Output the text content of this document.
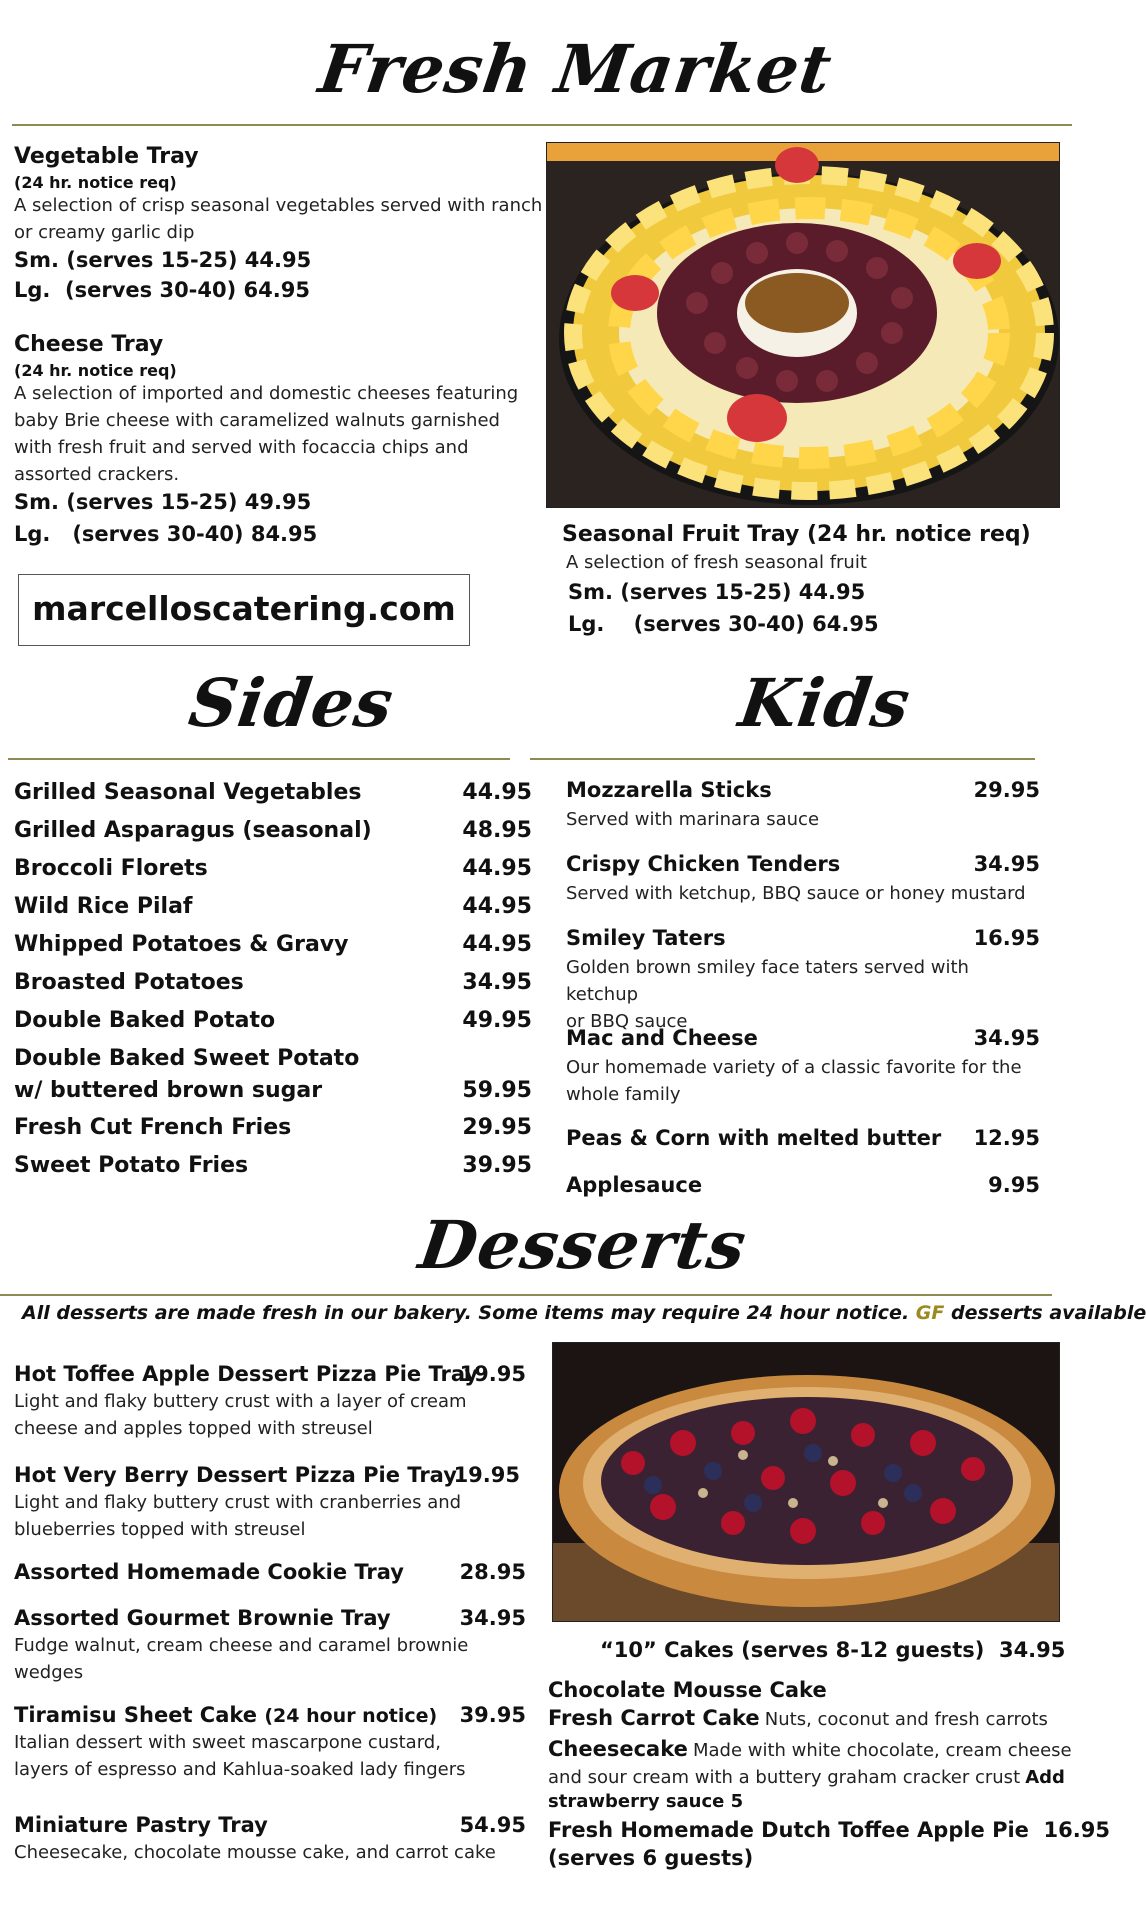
Fresh Market
Vegetable Tray
(24 hr. notice req)
A selection of crisp seasonal vegetables served with ranch
or creamy garlic dip
Sm. (serves 15-25) 44.95
Lg.  (serves 30-40) 64.95
Cheese Tray
(24 hr. notice req)
A selection of imported and domestic cheeses featuring
baby Brie cheese with caramelized walnuts garnished
with fresh fruit and served with focaccia chips and
assorted crackers.
Sm. (serves 15-25) 49.95
Lg.   (serves 30-40) 84.95
marcelloscatering.com
Seasonal Fruit Tray (24 hr. notice req)
A selection of fresh seasonal fruit
Sm. (serves 15-25) 44.95
Lg.    (serves 30-40) 64.95
Sides
Grilled Seasonal Vegetables	44.95
Grilled Asparagus (seasonal)	48.95
Broccoli Florets	44.95
Wild Rice Pilaf	44.95
Whipped Potatoes & Gravy	44.95
Broasted Potatoes	34.95
Double Baked Potato	49.95
Double Baked Sweet Potato
w/ buttered brown sugar	59.95
Fresh Cut French Fries	29.95
Sweet Potato Fries	39.95
Kids
Mozzarella Sticks	29.95
Served with marinara sauce
Crispy Chicken Tenders	34.95
Served with ketchup, BBQ sauce or honey mustard
Smiley Taters	16.95
Golden brown smiley face taters served with ketchup
or BBQ sauce
Mac and Cheese	34.95
Our homemade variety of a classic favorite for the
whole family
Peas & Corn with melted butter 12.95
Applesauce	9.95
Desserts
All desserts are made fresh in our bakery. Some items may require 24 hour notice. GF desserts available
Hot Toffee Apple Dessert Pizza Pie Tray
19.95
Light and flaky buttery crust with a layer of cream
cheese and apples topped with streusel
Hot Very Berry Dessert Pizza Pie Tray
19.95
Light and flaky buttery crust with cranberries and
blueberries topped with streusel
Assorted Homemade Cookie Tray	28.95
Assorted Gourmet Brownie Tray	34.95
Fudge walnut, cream cheese and caramel brownie
wedges
Tiramisu Sheet Cake (24 hour notice) 39.95
Italian dessert with sweet mascarpone custard,
layers of espresso and Kahlua-soaked lady fingers
Miniature Pastry Tray	54.95
Cheesecake, chocolate mousse cake, and carrot cake
“10” Cakes (serves 8-12 guests)  34.95
Chocolate Mousse Cake
Fresh Carrot Cake Nuts, coconut and fresh carrots
Cheesecake Made with white chocolate, cream cheese
and sour cream with a buttery graham cracker crust Add
strawberry sauce 5
Fresh Homemade Dutch Toffee Apple Pie  16.95
(serves 6 guests)
